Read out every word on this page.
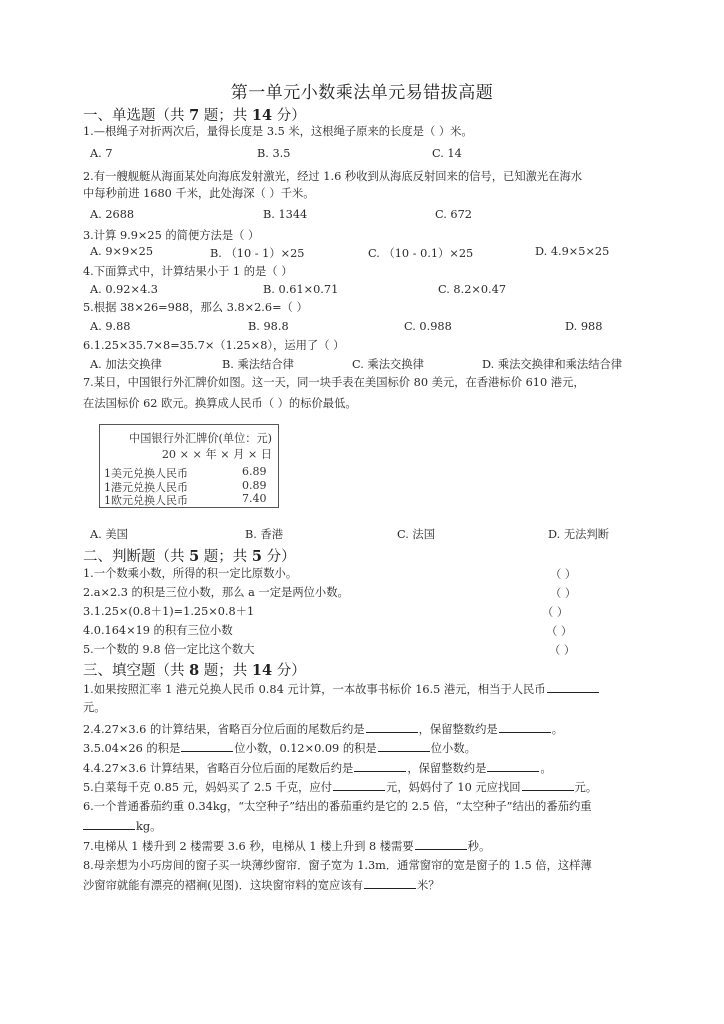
第一单元小数乘法单元易错拔高题
一、单选题（共 7 题；共 14 分）
1.—根绳子对折两次后，量得长度是 3.5 米，这根绳子原来的长度是（ ）米。
A. 7	B. 3.5	C. 14
2.有一艘舰艇从海面某处向海底发射激光，经过 1.6 秒收到从海底反射回来的信号，已知激光在海水
中每秒前进 1680 千米，此处海深（ ）千米。
A. 2688	B. 1344	C. 672
3.计算 9.9×25 的简便方法是（ ）
A. 9×9×25	B. （10 - 1）×25	C. （10 - 0.1）×25	D. 4.9×5×25
4.下面算式中，计算结果小于 1 的是（ ）
A. 0.92×4.3	B. 0.61×0.71	C. 8.2×0.47
5.根据 38×26=988，那么 3.8×2.6=（ ）
A. 9.88	B. 98.8	C. 0.988	D. 988
6.1.25×35.7×8=35.7×（1.25×8），运用了（ ）
A. 加法交换律	B. 乘法结合律	C. 乘法交换律	D. 乘法交换律和乘法结合律
7.某日，中国银行外汇牌价如图。这一天，同一块手表在美国标价 80 美元，在香港标价 610 港元，
在法国标价 62 欧元。换算成人民币（ ）的标价最低。
中国银行外汇牌价(单位：元)
20 × × 年 × 月 × 日
1美元兑换人民币	6.89
1港元兑换人民币	0.89
1欧元兑换人民币	7.40
A. 美国	B. 香港	C. 法国	D. 无法判断
二、判断题（共 5 题；共 5 分）
1.一个数乘小数，所得的积一定比原数小。	（ ）
2.a×2.3 的积是三位小数，那么 a 一定是两位小数。	（ ）
3.1.25×(0.8＋1)=1.25×0.8＋1	（ ）
4.0.164×19 的积有三位小数	（ ）
5.一个数的 9.8 倍一定比这个数大	（ ）
三、填空题（共 8 题；共 14 分）
1.如果按照汇率 1 港元兑换人民币 0.84 元计算，一本故事书标价 16.5 港元，相当于人民币
元。
2.4.27×3.6 的计算结果，省略百分位后面的尾数后约是	，保留整数约是	。
3.5.04×26 的积是	位小数，0.12×0.09 的积是	位小数。
4.4.27×3.6 计算结果，省略百分位后面的尾数后约是	，保留整数约是	。
5.白菜每千克 0.85 元，妈妈买了 2.5 千克，应付	元，妈妈付了 10 元应找回	元。
6.一个普通番茄约重 0.34kg，“太空种子”结出的番茄重约是它的 2.5 倍，“太空种子”结出的番茄约重
kg。
7.电梯从 1 楼升到 2 楼需要 3.6 秒，电梯从 1 楼上升到 8 楼需要	秒。
8.母亲想为小巧房间的窗子买一块薄纱窗帘．窗子宽为 1.3m．通常窗帘的宽是窗子的 1.5 倍，这样薄
沙窗帘就能有漂亮的褶裥(见图)．这块窗帘料的宽应该有	米？
